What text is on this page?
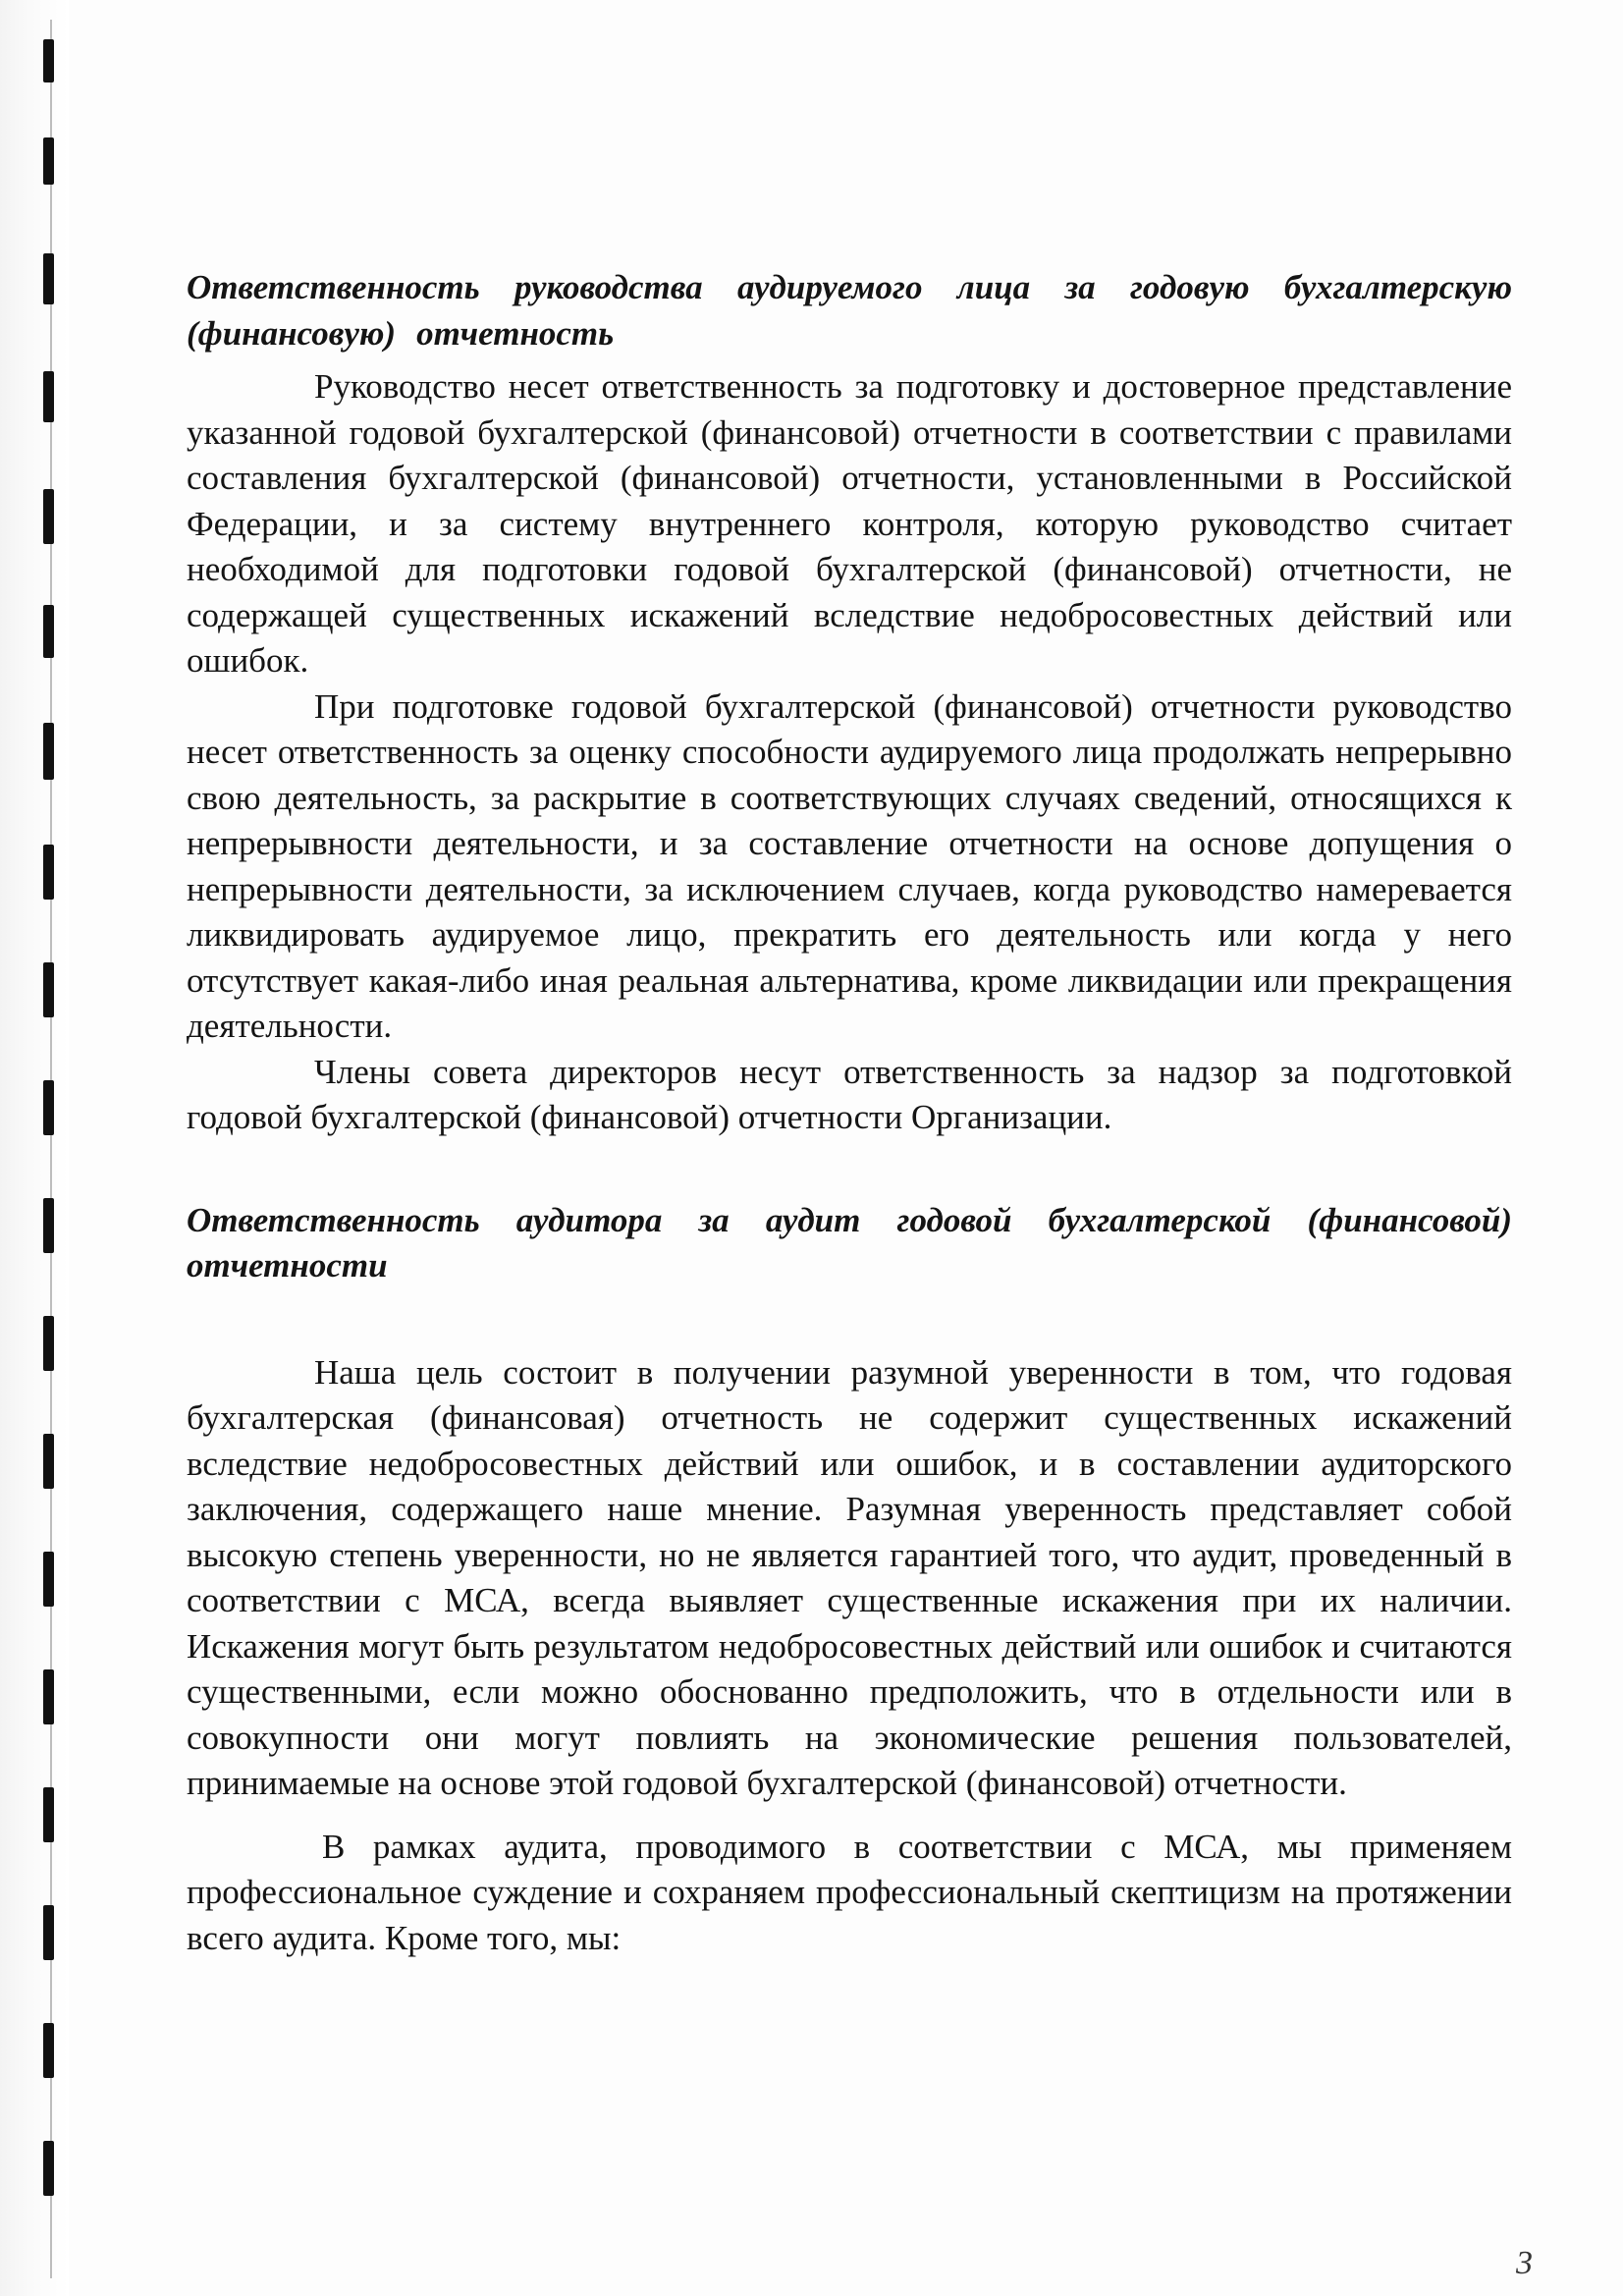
Ответственность руководства аудируемого лица за годовую бухгалтерскую (финансовую) отчетность

Руководство несет ответственность за подготовку и достоверное представление указанной годовой бухгалтерской (финансовой) отчетности в соответствии с правилами составления бухгалтерской (финансовой) отчетности, установленными в Российской Федерации, и за систему внутреннего контроля, которую руководство считает необходимой для подготовки годовой бухгалтерской (финансовой) отчетности, не содержащей существенных искажений вследствие недобросовестных действий или ошибок.

При подготовке годовой бухгалтерской (финансовой) отчетности руководство несет ответственность за оценку способности аудируемого лица продолжать непрерывно свою деятельность, за раскрытие в соответствующих случаях сведений, относящихся к непрерывности деятельности, и за составление отчетности на основе допущения о непрерывности деятельности, за исключением случаев, когда руководство намеревается ликвидировать аудируемое лицо, прекратить его деятельность или когда у него отсутствует какая-либо иная реальная альтернатива, кроме ликвидации или прекращения деятельности.

Члены совета директоров несут ответственность за надзор за подготовкой годовой бухгалтерской (финансовой) отчетности Организации.

Ответственность аудитора за аудит годовой бухгалтерской (финансовой) отчетности

Наша цель состоит в получении разумной уверенности в том, что годовая бухгалтерская (финансовая) отчетность не содержит существенных искажений вследствие недобросовестных действий или ошибок, и в составлении аудиторского заключения, содержащего наше мнение. Разумная уверенность представляет собой высокую степень уверенности, но не является гарантией того, что аудит, проведенный в соответствии с МСА, всегда выявляет существенные искажения при их наличии. Искажения могут быть результатом недобросовестных действий или ошибок и считаются существенными, если можно обоснованно предположить, что в отдельности или в совокупности они могут повлиять на экономические решения пользователей, принимаемые на основе этой годовой бухгалтерской (финансовой) отчетности.

В рамках аудита, проводимого в соответствии с МСА, мы применяем профессиональное суждение и сохраняем профессиональный скептицизм на протяжении всего аудита. Кроме того, мы:

3
